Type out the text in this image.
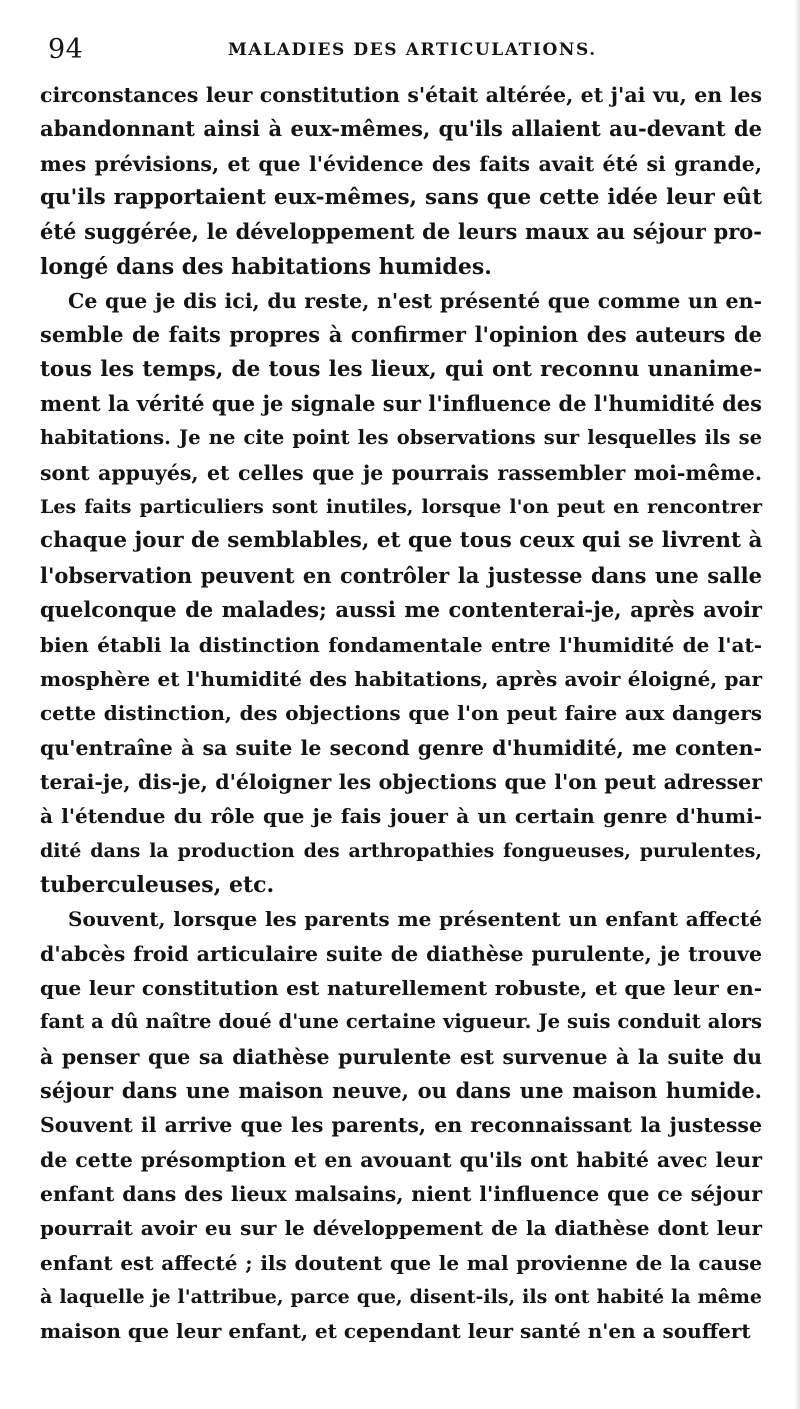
94	MALADIES DES ARTICULATIONS.
circonstances leur constitution s'était altérée, et j'ai vu, en les
abandonnant ainsi à eux-mêmes, qu'ils allaient au-devant de
mes prévisions, et que l'évidence des faits avait été si grande,
qu'ils rapportaient eux-mêmes, sans que cette idée leur eût
été suggérée, le développement de leurs maux au séjour pro-
longé dans des habitations humides.
Ce que je dis ici, du reste, n'est présenté que comme un en-
semble de faits propres à confirmer l'opinion des auteurs de
tous les temps, de tous les lieux, qui ont reconnu unanime-
ment la vérité que je signale sur l'influence de l'humidité des
habitations. Je ne cite point les observations sur lesquelles ils se
sont appuyés, et celles que je pourrais rassembler moi-même.
Les faits particuliers sont inutiles, lorsque l'on peut en rencontrer
chaque jour de semblables, et que tous ceux qui se livrent à
l'observation peuvent en contrôler la justesse dans une salle
quelconque de malades; aussi me contenterai-je, après avoir
bien établi la distinction fondamentale entre l'humidité de l'at-
mosphère et l'humidité des habitations, après avoir éloigné, par
cette distinction, des objections que l'on peut faire aux dangers
qu'entraîne à sa suite le second genre d'humidité, me conten-
terai-je, dis-je, d'éloigner les objections que l'on peut adresser
à l'étendue du rôle que je fais jouer à un certain genre d'humi-
dité dans la production des arthropathies fongueuses, purulentes,
tuberculeuses, etc.
Souvent, lorsque les parents me présentent un enfant affecté
d'abcès froid articulaire suite de diathèse purulente, je trouve
que leur constitution est naturellement robuste, et que leur en-
fant a dû naître doué d'une certaine vigueur. Je suis conduit alors
à penser que sa diathèse purulente est survenue à la suite du
séjour dans une maison neuve, ou dans une maison humide.
Souvent il arrive que les parents, en reconnaissant la justesse
de cette présomption et en avouant qu'ils ont habité avec leur
enfant dans des lieux malsains, nient l'influence que ce séjour
pourrait avoir eu sur le développement de la diathèse dont leur
enfant est affecté ; ils doutent que le mal provienne de la cause
à laquelle je l'attribue, parce que, disent-ils, ils ont habité la même
maison que leur enfant, et cependant leur santé n'en a souffert
